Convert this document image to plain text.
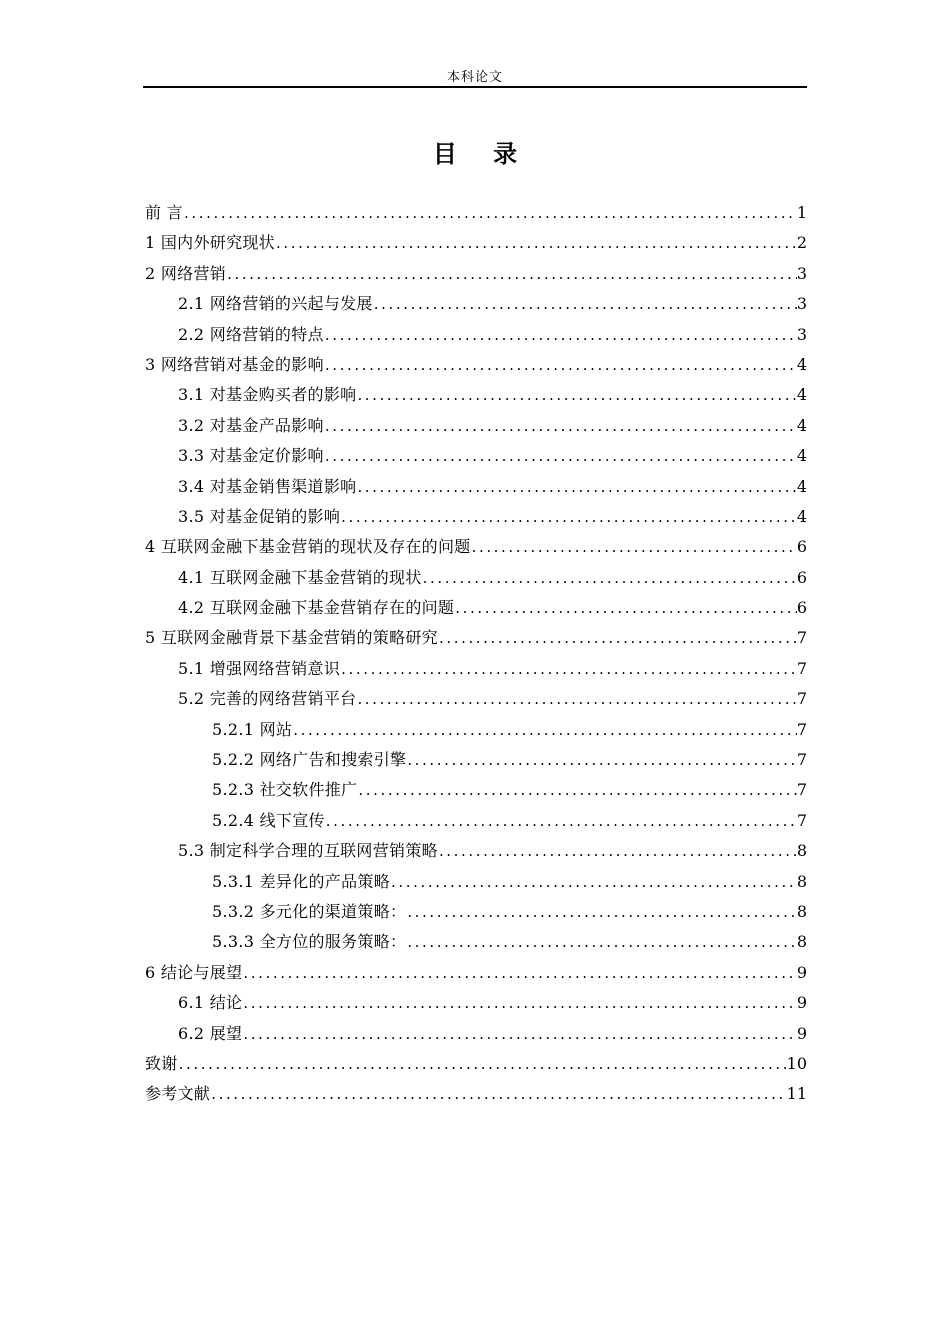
本科论文
目 录
前 言 .....	1
1 国内外研究现状 .....	2
2 网络营销 .....	3
2.1 网络营销的兴起与发展 .....	3
2.2 网络营销的特点 .....	3
3 网络营销对基金的影响 .....	4
3.1 对基金购买者的影响 .....	4
3.2 对基金产品影响 .....	4
3.3 对基金定价影响 .....	4
3.4 对基金销售渠道影响 .....	4
3.5 对基金促销的影响 .....	4
4 互联网金融下基金营销的现状及存在的问题 .....	6
4.1 互联网金融下基金营销的现状 .....	6
4.2 互联网金融下基金营销存在的问题 .....	6
5 互联网金融背景下基金营销的策略研究 .....	7
5.1 增强网络营销意识 .....	7
5.2 完善的网络营销平台 .....	7
5.2.1 网站 .....	7
5.2.2 网络广告和搜索引擎 .....	7
5.2.3 社交软件推广 .....	7
5.2.4 线下宣传 .....	7
5.3 制定科学合理的互联网营销策略 .....	8
5.3.1 差异化的产品策略 .....	8
5.3.2 多元化的渠道策略： .....	8
5.3.3 全方位的服务策略： .....	8
6 结论与展望 .....	9
6.1 结论 .....	9
6.2 展望 .....	9
致谢 .....	10
参考文献 .....	11
